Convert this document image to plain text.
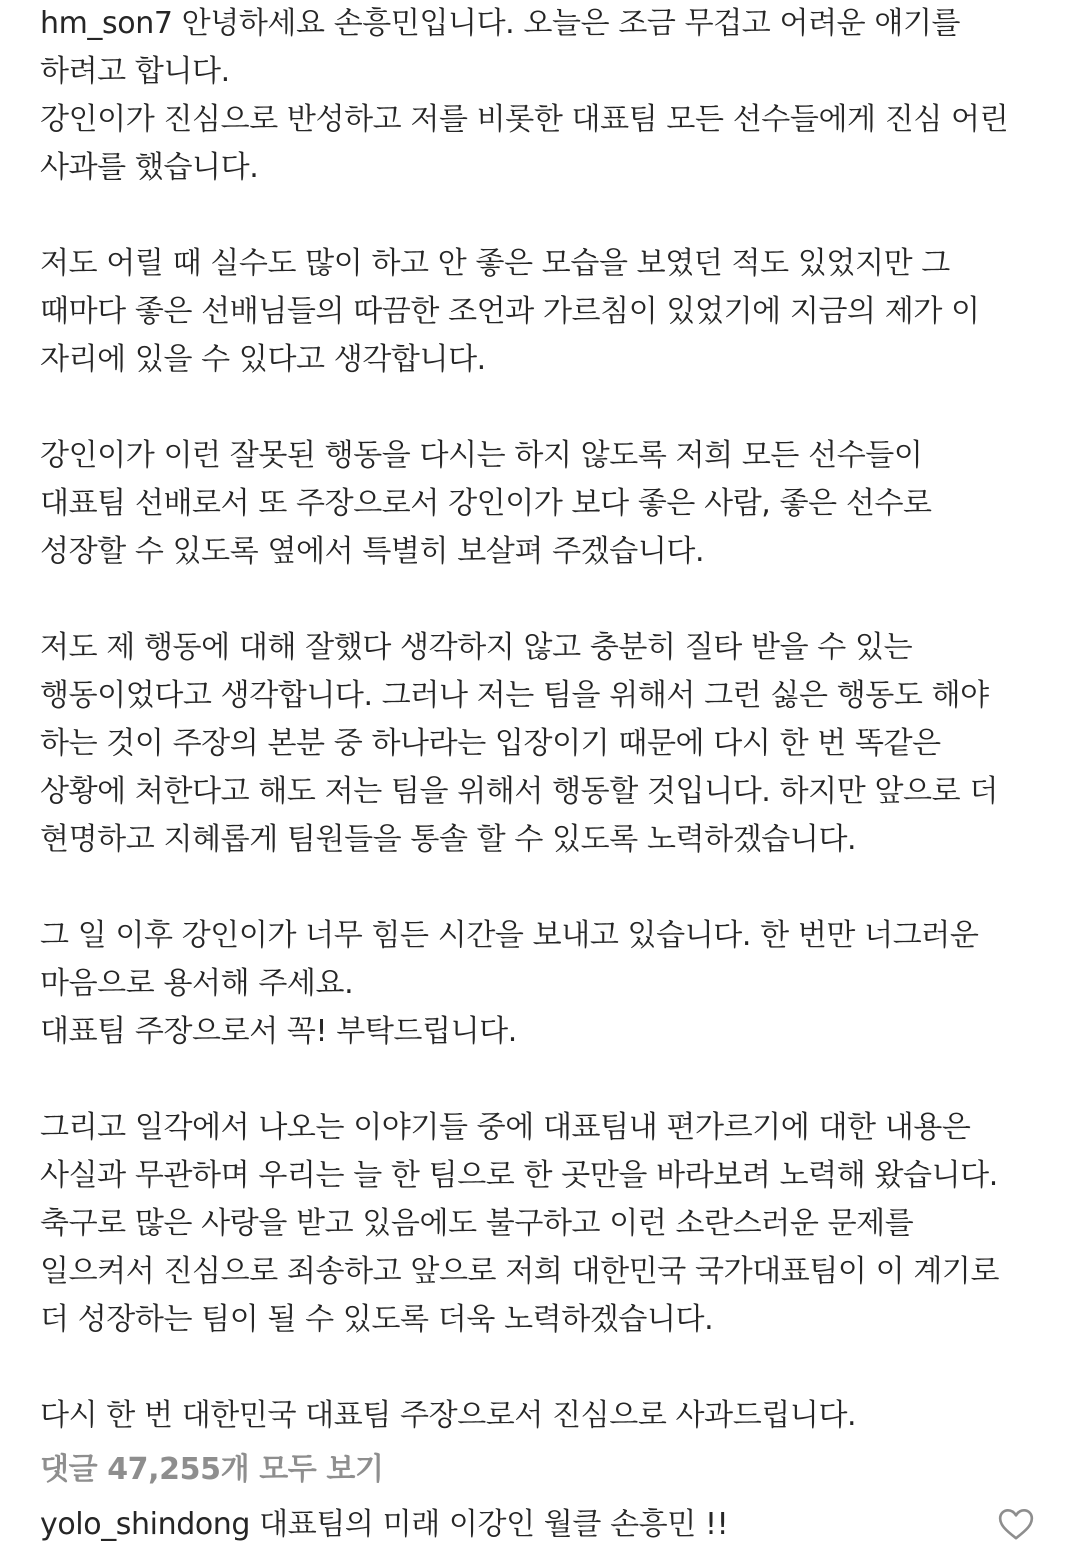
hm_son7 안녕하세요 손흥민입니다. 오늘은 조금 무겁고 어려운 얘기를
하려고 합니다.
강인이가 진심으로 반성하고 저를 비롯한 대표팀 모든 선수들에게 진심 어린
사과를 했습니다.
저도 어릴 때 실수도 많이 하고 안 좋은 모습을 보였던 적도 있었지만 그
때마다 좋은 선배님들의 따끔한 조언과 가르침이 있었기에 지금의 제가 이
자리에 있을 수 있다고 생각합니다.
강인이가 이런 잘못된 행동을 다시는 하지 않도록 저희 모든 선수들이
대표팀 선배로서 또 주장으로서 강인이가 보다 좋은 사람, 좋은 선수로
성장할 수 있도록 옆에서 특별히 보살펴 주겠습니다.
저도 제 행동에 대해 잘했다 생각하지 않고 충분히 질타 받을 수 있는
행동이었다고 생각합니다. 그러나 저는 팀을 위해서 그런 싫은 행동도 해야
하는 것이 주장의 본분 중 하나라는 입장이기 때문에 다시 한 번 똑같은
상황에 처한다고 해도 저는 팀을 위해서 행동할 것입니다. 하지만 앞으로 더
현명하고 지혜롭게 팀원들을 통솔 할 수 있도록 노력하겠습니다.
그 일 이후 강인이가 너무 힘든 시간을 보내고 있습니다. 한 번만 너그러운
마음으로 용서해 주세요.
대표팀 주장으로서 꼭! 부탁드립니다.
그리고 일각에서 나오는 이야기들 중에 대표팀내 편가르기에 대한 내용은
사실과 무관하며 우리는 늘 한 팀으로 한 곳만을 바라보려 노력해 왔습니다.
축구로 많은 사랑을 받고 있음에도 불구하고 이런 소란스러운 문제를
일으켜서 진심으로 죄송하고 앞으로 저희 대한민국 국가대표팀이 이 계기로
더 성장하는 팀이 될 수 있도록 더욱 노력하겠습니다.
다시 한 번 대한민국 대표팀 주장으로서 진심으로 사과드립니다.
댓글 47,255개 모두 보기
yolo_shindong 대표팀의 미래 이강인 월클 손흥민 !!
